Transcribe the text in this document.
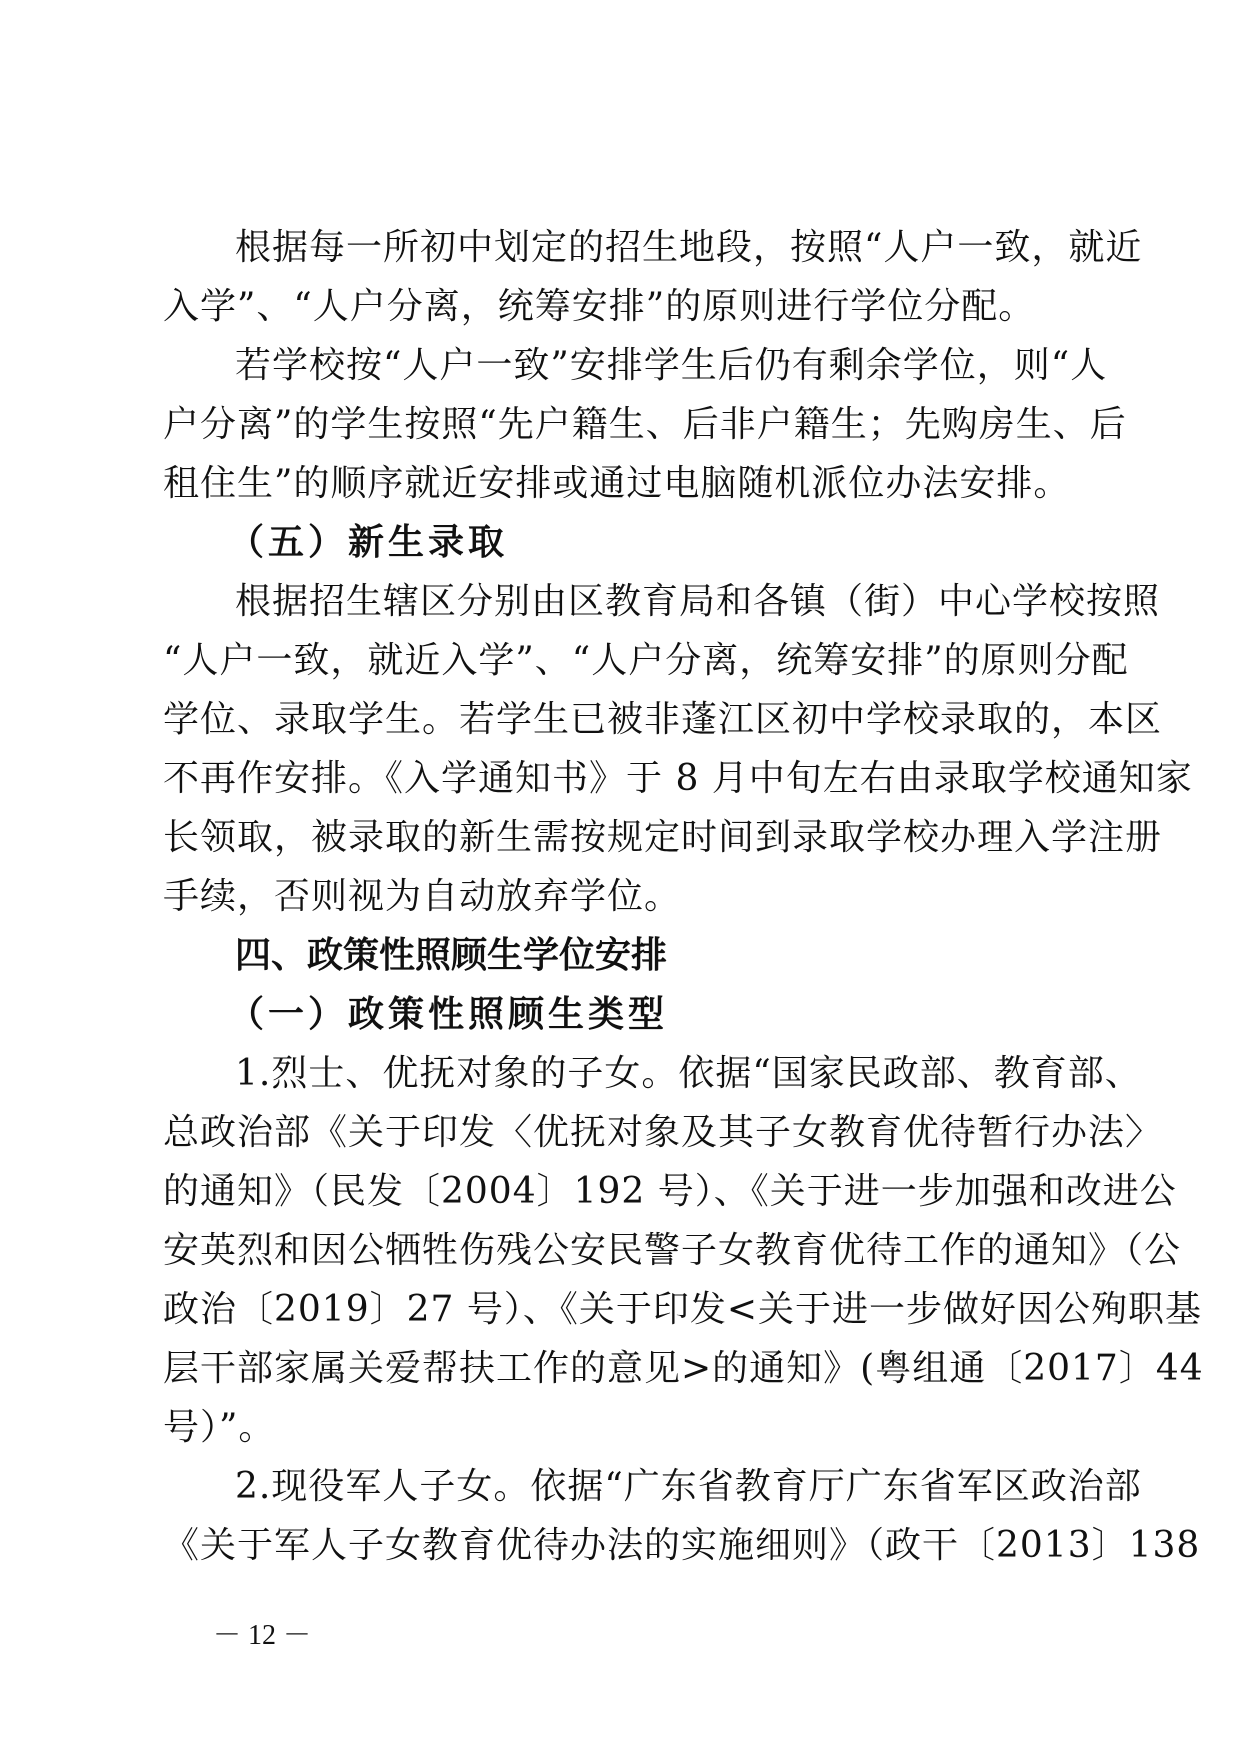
根据每一所初中划定的招生地段，按照“人户一致，就近
入学”、“人户分离，统筹安排”的原则进行学位分配。
若学校按“人户一致”安排学生后仍有剩余学位，则“人
户分离”的学生按照“先户籍生、后非户籍生；先购房生、后
租住生”的顺序就近安排或通过电脑随机派位办法安排。
（五）新生录取
根据招生辖区分别由区教育局和各镇（街）中心学校按照
“人户一致，就近入学”、“人户分离，统筹安排”的原则分配
学位、录取学生。若学生已被非蓬江区初中学校录取的，本区
不再作安排。《入学通知书》于 8 月中旬左右由录取学校通知家
长领取，被录取的新生需按规定时间到录取学校办理入学注册
手续，否则视为自动放弃学位。
四、政策性照顾生学位安排
（一）政策性照顾生类型
1.烈士、优抚对象的子女。依据“国家民政部、教育部、
总政治部《关于印发〈优抚对象及其子女教育优待暂行办法〉
的通知》（民发〔2004〕192 号）、《关于进一步加强和改进公
安英烈和因公牺牲伤残公安民警子女教育优待工作的通知》（公
政治〔2019〕27 号）、《关于印发<关于进一步做好因公殉职基
层干部家属关爱帮扶工作的意见>的通知》(粤组通〔2017〕44
号）”。
2.现役军人子女。依据“广东省教育厅广东省军区政治部
《关于军人子女教育优待办法的实施细则》（政干〔2013〕138
－ 12 －
